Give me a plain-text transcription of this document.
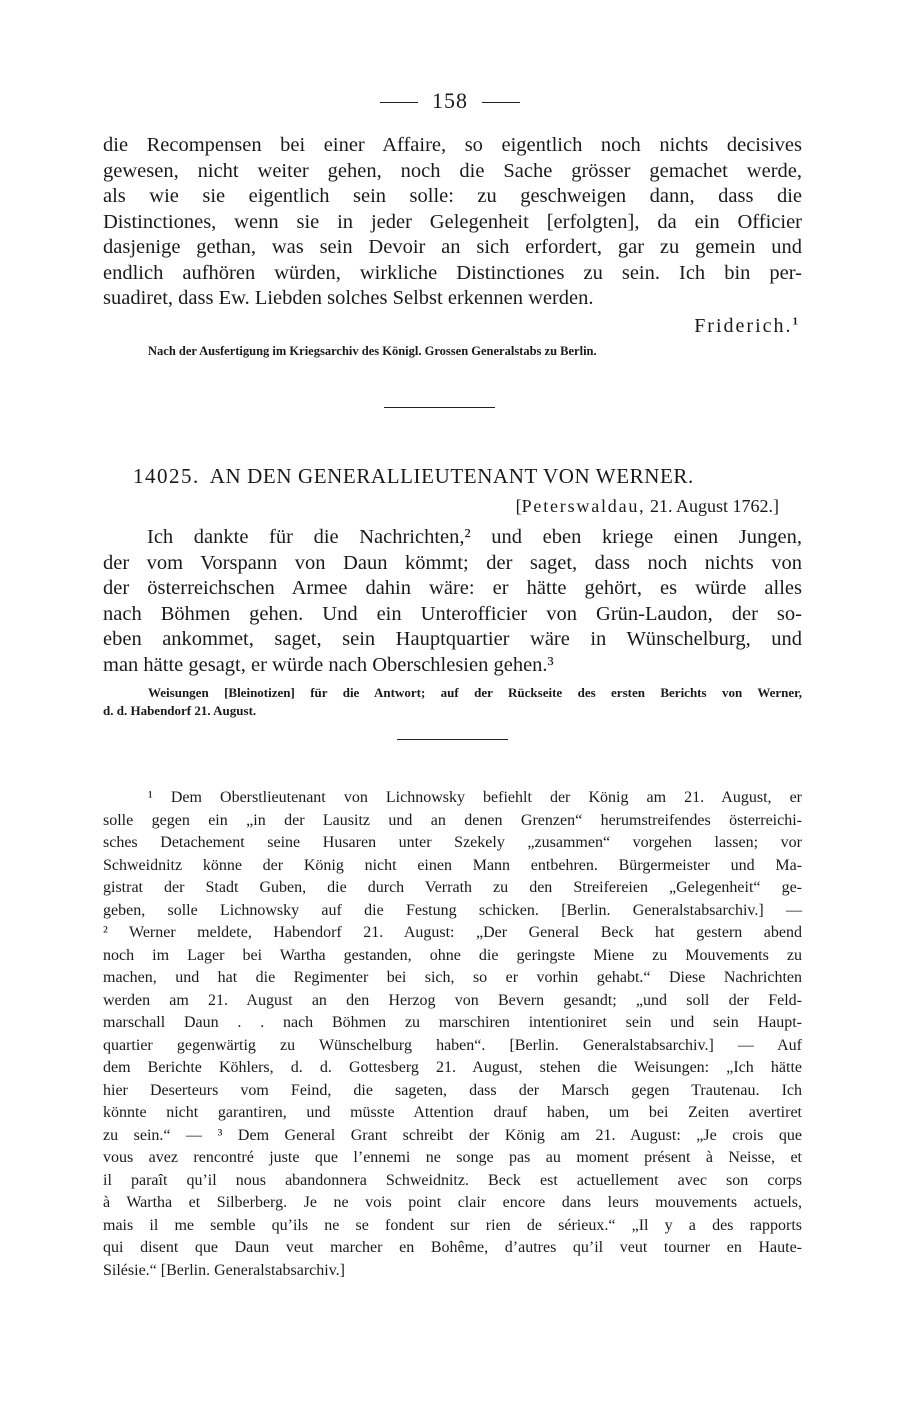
158
die Recompensen bei einer Affaire, so eigentlich noch nichts decisives
gewesen, nicht weiter gehen, noch die Sache grösser gemachet werde,
als wie sie eigentlich sein solle: zu geschweigen dann, dass die
Distinctiones, wenn sie in jeder Gelegenheit [erfolgten], da ein Officier
dasjenige gethan, was sein Devoir an sich erfordert, gar zu gemein und
endlich aufhören würden, wirkliche Distinctiones zu sein. Ich bin per-
suadiret, dass Ew. Liebden solches Selbst erkennen werden.
Friderich.$^1$
Nach der Ausfertigung im Kriegsarchiv des Königl. Grossen Generalstabs zu Berlin.
14025. AN DEN GENERALLIEUTENANT VON WERNER.
[Peterswaldau, 21. August 1762.]
Ich dankte für die Nachrichten,² und eben kriege einen Jungen,
der vom Vorspann von Daun kömmt; der saget, dass noch nichts von
der österreichschen Armee dahin wäre: er hätte gehört, es würde alles
nach Böhmen gehen. Und ein Unterofficier von Grün-Laudon, der so-
eben ankommet, saget, sein Hauptquartier wäre in Wünschelburg, und
man hätte gesagt, er würde nach Oberschlesien gehen.³
Weisungen [Bleinotizen] für die Antwort; auf der Rückseite des ersten Berichts von Werner,
d. d. Habendorf 21. August.
¹ Dem Oberstlieutenant von Lichnowsky befiehlt der König am 21. August, er
solle gegen ein „in der Lausitz und an denen Grenzen“ herumstreifendes österreichi-
sches Detachement seine Husaren unter Szekely „zusammen“ vorgehen lassen; vor
Schweidnitz könne der König nicht einen Mann entbehren. Bürgermeister und Ma-
gistrat der Stadt Guben, die durch Verrath zu den Streifereien „Gelegenheit“ ge-
geben, solle Lichnowsky auf die Festung schicken. [Berlin. Generalstabsarchiv.] —
² Werner meldete, Habendorf 21. August: „Der General Beck hat gestern abend
noch im Lager bei Wartha gestanden, ohne die geringste Miene zu Mouvements zu
machen, und hat die Regimenter bei sich, so er vorhin gehabt.“ Diese Nachrichten
werden am 21. August an den Herzog von Bevern gesandt; „und soll der Feld-
marschall Daun . . nach Böhmen zu marschiren intentioniret sein und sein Haupt-
quartier gegenwärtig zu Wünschelburg haben“. [Berlin. Generalstabsarchiv.] — Auf
dem Berichte Köhlers, d. d. Gottesberg 21. August, stehen die Weisungen: „Ich hätte
hier Deserteurs vom Feind, die sageten, dass der Marsch gegen Trautenau. Ich
könnte nicht garantiren, und müsste Attention drauf haben, um bei Zeiten avertiret
zu sein.“ — ³ Dem General Grant schreibt der König am 21. August: „Je crois que
vous avez rencontré juste que l’ennemi ne songe pas au moment présent à Neisse, et
il paraît qu’il nous abandonnera Schweidnitz. Beck est actuellement avec son corps
à Wartha et Silberberg. Je ne vois point clair encore dans leurs mouvements actuels,
mais il me semble qu’ils ne se fondent sur rien de sérieux.“ „Il y a des rapports
qui disent que Daun veut marcher en Bohême, d’autres qu’il veut tourner en Haute-
Silésie.“ [Berlin. Generalstabsarchiv.]
